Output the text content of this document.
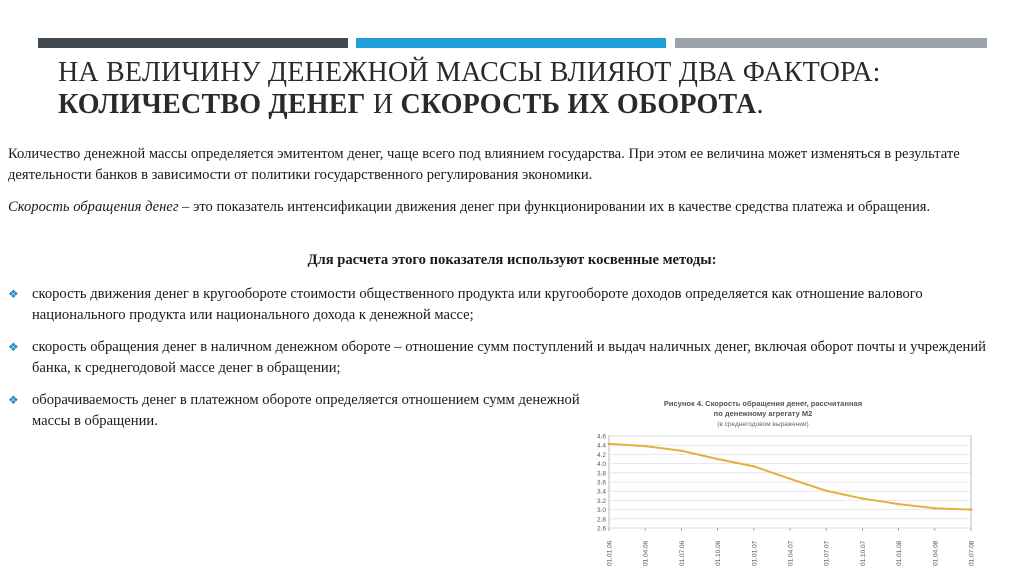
НА ВЕЛИЧИНУ ДЕНЕЖНОЙ МАССЫ ВЛИЯЮТ ДВА ФАКТОРА:
КОЛИЧЕСТВО ДЕНЕГ И СКОРОСТЬ ИХ ОБОРОТА.
Количество денежной массы определяется эмитентом денег, чаще всего под влиянием государства. При этом ее величина может изменяться в результате деятельности банков в зависимости от политики государственного регулирования экономики.
Скорость обращения денег – это показатель интенсификации движения денег при функционировании их в качестве средства платежа и обращения.
Для расчета этого показателя используют косвенные методы:
❖ скорость движения денег в кругообороте стоимости общественного продукта или кругообороте доходов определяется как отношение валового национального продукта или национального дохода к денежной массе;
❖ скорость обращения денег в наличном денежном обороте – отношение сумм поступлений и выдач наличных денег, включая оборот почты и учреждений банка, к среднегодовой массе денег в обращении;
❖ оборачиваемость денег в платежном обороте определяется отношением сумм денежной массы в обращении.
Рисунок 4. Скорость обращения денег, рассчитанная
по денежному агрегату М2
(в среднегодовом выражении)
4.6
4.4
4.2
4.0
3.8
3.6
3.4
3.2
3.0
2.8
2.6
01.01.06	01.04.06	01.07.06	01.10.06	01.01.07	01.04.07	01.07.07	01.10.07	01.01.08	01.04.08	01.07.08
